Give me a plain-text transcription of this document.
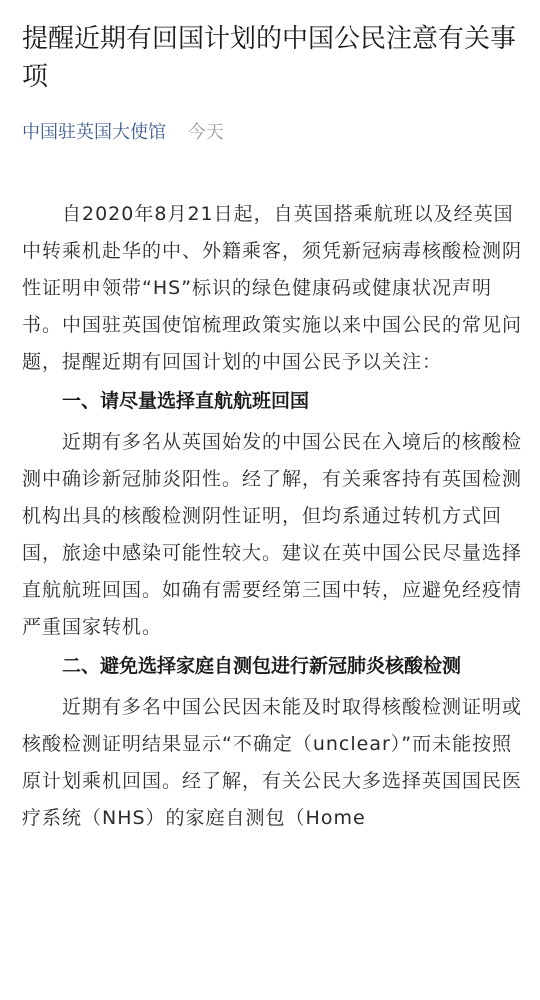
提醒近期有回国计划的中国公民注意有关事项
中国驻英国大使馆 今天

自2020年8月21日起，自英国搭乘航班以及经英国中转乘机赴华的中、外籍乘客，须凭新冠病毒核酸检测阴性证明申领带“HS”标识的绿色健康码或健康状况声明书。中国驻英国使馆梳理政策实施以来中国公民的常见问题，提醒近期有回国计划的中国公民予以关注：

一、请尽量选择直航航班回国

近期有多名从英国始发的中国公民在入境后的核酸检测中确诊新冠肺炎阳性。经了解，有关乘客持有英国检测机构出具的核酸检测阴性证明，但均系通过转机方式回国，旅途中感染可能性较大。建议在英中国公民尽量选择直航航班回国。如确有需要经第三国中转，应避免经疫情严重国家转机。

二、避免选择家庭自测包进行新冠肺炎核酸检测

近期有多名中国公民因未能及时取得核酸检测证明或核酸检测证明结果显示“不确定（unclear）”而未能按照原计划乘机回国。经了解，有关公民大多选择英国国民医疗系统（NHS）的家庭自测包（Home
